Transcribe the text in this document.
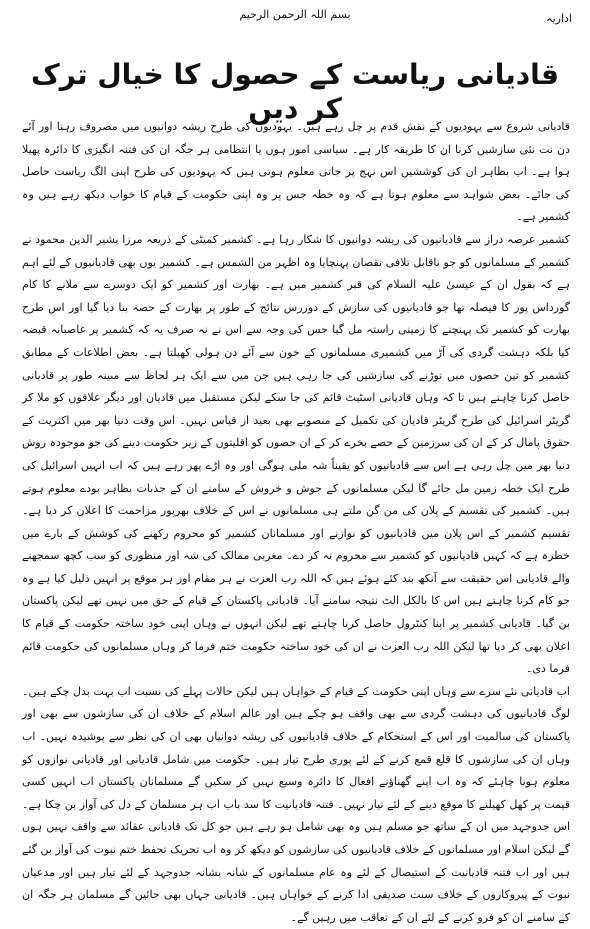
اداریہ
بسم اللہ الرحمن الرحیم
قادیانی ریاست کے حصول کا خیال ترک کر دیں

قادیانی شروع سے یہودیوں کے نقش قدم پر چل رہے ہیں۔ یہودیوں کی طرح ریشہ دوانیوں میں مصروف رہنا اور آئے دن نت نئی سازشیں کرنا ان کا طریقہ کار ہے۔ سیاسی امور ہوں یا انتظامی ہر جگہ ان کی فتنہ انگیزی کا دائرہ پھیلا ہوا ہے۔ اب بظاہر ان کی کوششیں اس نہج پر جاتی معلوم ہوتی ہیں کہ یہودیوں کی طرح اپنی الگ ریاست حاصل کی جائے۔ بعض شواہد سے معلوم ہوتا ہے کہ وہ خطہ جس پر وہ اپنی حکومت کے قیام کا خواب دیکھ رہے ہیں وہ کشمیر ہے۔

کشمیر عرصہ دراز سے قادیانیوں کی ریشہ دوانیوں کا شکار رہا ہے۔ کشمیر کمیٹی کے ذریعہ مرزا بشیر الدین محمود نے کشمیر کے مسلمانوں کو جو ناقابل تلافی نقصان پہنچایا وہ اظہر من الشمس ہے۔ کشمیر یوں بھی قادیانیوں کے لئے اہم ہے کہ بقول ان کے عیسیٰ علیہ السلام کی قبر کشمیر میں ہے۔ بھارت اور کشمیر کو ایک دوسرے سے ملانے کا کام گورداس پور کا فیصلہ تھا جو قادیانیوں کی سازش کے دوررس نتائج کے طور پر بھارت کے حصہ بنا دیا گیا اور اس طرح بھارت کو کشمیر تک پہنچنے کا زمینی راستہ مل گیا جس کی وجہ سے اس نے نہ صرف یہ کہ کشمیر پر غاصبانہ قبضہ کیا بلکہ دہشت گردی کی آڑ میں کشمیری مسلمانوں کے خون سے آئے دن ہولی کھیلتا ہے۔ بعض اطلاعات کے مطابق کشمیر کو تین حصوں میں توڑنے کی سازشیں کی جا رہی ہیں جن میں سے ایک ہر لحاظ سے مبینہ طور پر قادیانی حاصل کرنا چاہتے ہیں تا کہ وہاں قادیانی اسٹیٹ قائم کی جا سکے لیکن مستقبل میں قادیان اور دیگر علاقوں کو ملا کر گریٹر اسرائیل کی طرح گریٹر قادیان کی تکمیل کے منصوبے بھی بعید از قیاس نہیں۔ اس وقت دنیا بھر میں اکثریت کے حقوق پامال کر کے ان کی سرزمین کے حصے بخرے کر کے ان حصوں کو اقلیتوں کے زیر حکومت دینے کی جو موجودہ روش دنیا بھر میں چل رہی ہے اس سے قادیانیوں کو یقیناً شہ ملی ہوگی اور وہ اڑے پھر رہے ہیں کہ اب انہیں اسرائیل کی طرح ایک خطہ زمین مل جائے گا لیکن مسلمانوں کے جوش و خروش کے سامنے ان کے جذبات بظاہر بودے معلوم ہوتے ہیں۔ کشمیر کی تقسیم کے پلان کی من گن ملتے ہی مسلمانوں نے اس کے خلاف بھرپور مزاحمت کا اعلان کر دیا ہے۔ تقسیم کشمیر کے اس پلان میں قادیانیوں کو نوازنے اور مسلمانان کشمیر کو محروم رکھنے کی کوشش کے بارے میں خطرہ ہے کہ کہیں قادیانیوں کو کشمیر سے محروم نہ کر دے۔ مغربی ممالک کی شہ اور منظوری کو سب کچھ سمجھنے والے قادیانی اس حقیقت سے آنکھ بند کئے ہوئے ہیں کہ اللہ رب العزت نے ہر مقام اور ہر موقع پر انہیں ذلیل کیا ہے وہ جو کام کرنا چاہتے ہیں اس کا بالکل الٹ نتیجہ سامنے آیا۔ قادیانی پاکستان کے قیام کے حق میں نہیں تھے لیکن پاکستان بن گیا۔ قادیانی کشمیر پر اپنا کنٹرول حاصل کرنا چاہتے تھے لیکن انہوں نے وہاں اپنی خود ساختہ حکومت کے قیام کا اعلان بھی کر دیا تھا لیکن اللہ رب العزت نے ان کی خود ساختہ حکومت ختم فرما کر وہاں مسلمانوں کی حکومت قائم فرما دی۔

اب قادیانی نئے سرے سے وہاں اپنی حکومت کے قیام کے خواہاں ہیں لیکن حالات پہلے کی نسبت اب بہت بدل چکے ہیں۔ لوگ قادیانیوں کی دہشت گردی سے بھی واقف ہو چکے ہیں اور عالم اسلام کے خلاف ان کی سازشوں سے بھی اور پاکستان کی سالمیت اور اس کے استحکام کے خلاف قادیانیوں کی ریشہ دوانیاں بھی ان کی نظر سے پوشیدہ نہیں۔ اب وہاں ان کی سازشوں کا قلع قمع کرنے کے لئے پوری طرح تیار ہیں۔ حکومت میں شامل قادیانی اور قادیانی نوازوں کو معلوم ہونا چاہئے کہ وہ اب اپنے گھناؤنے افعال کا دائرہ وسیع نہیں کر سکیں گے مسلمانان پاکستان اب انہیں کسی قیمت پر کھل کھیلنے کا موقع دینے کے لئے تیار نہیں۔ فتنہ قادیانیت کا سد باب اب ہر مسلمان کے دل کی آواز بن چکا ہے۔ اس جدوجہد میں ان کے ساتھ جو مسلم ہیں وہ بھی شامل ہو رہے ہیں جو کل تک قادیانی عقائد سے واقف نہیں ہوں گے لیکن اسلام اور مسلمانوں کے خلاف قادیانیوں کی سازشوں کو دیکھ کر وہ اب تحریک تحفظ ختم نبوت کی آواز بن گئے ہیں اور اب فتنہ قادیانیت کے استیصال کے لئے وہ عام مسلمانوں کے شانہ بشانہ جدوجہد کے لئے تیار ہیں اور مدعیان نبوت کے پیروکاروں کے خلاف سنت صدیقی ادا کرنے کے خواہاں ہیں۔ قادیانی جہاں بھی جائیں گے مسلمان ہر جگہ ان کے سامنے ان کو فرو کرنے کے لئے ان کے تعاقب میں رہیں گے۔
